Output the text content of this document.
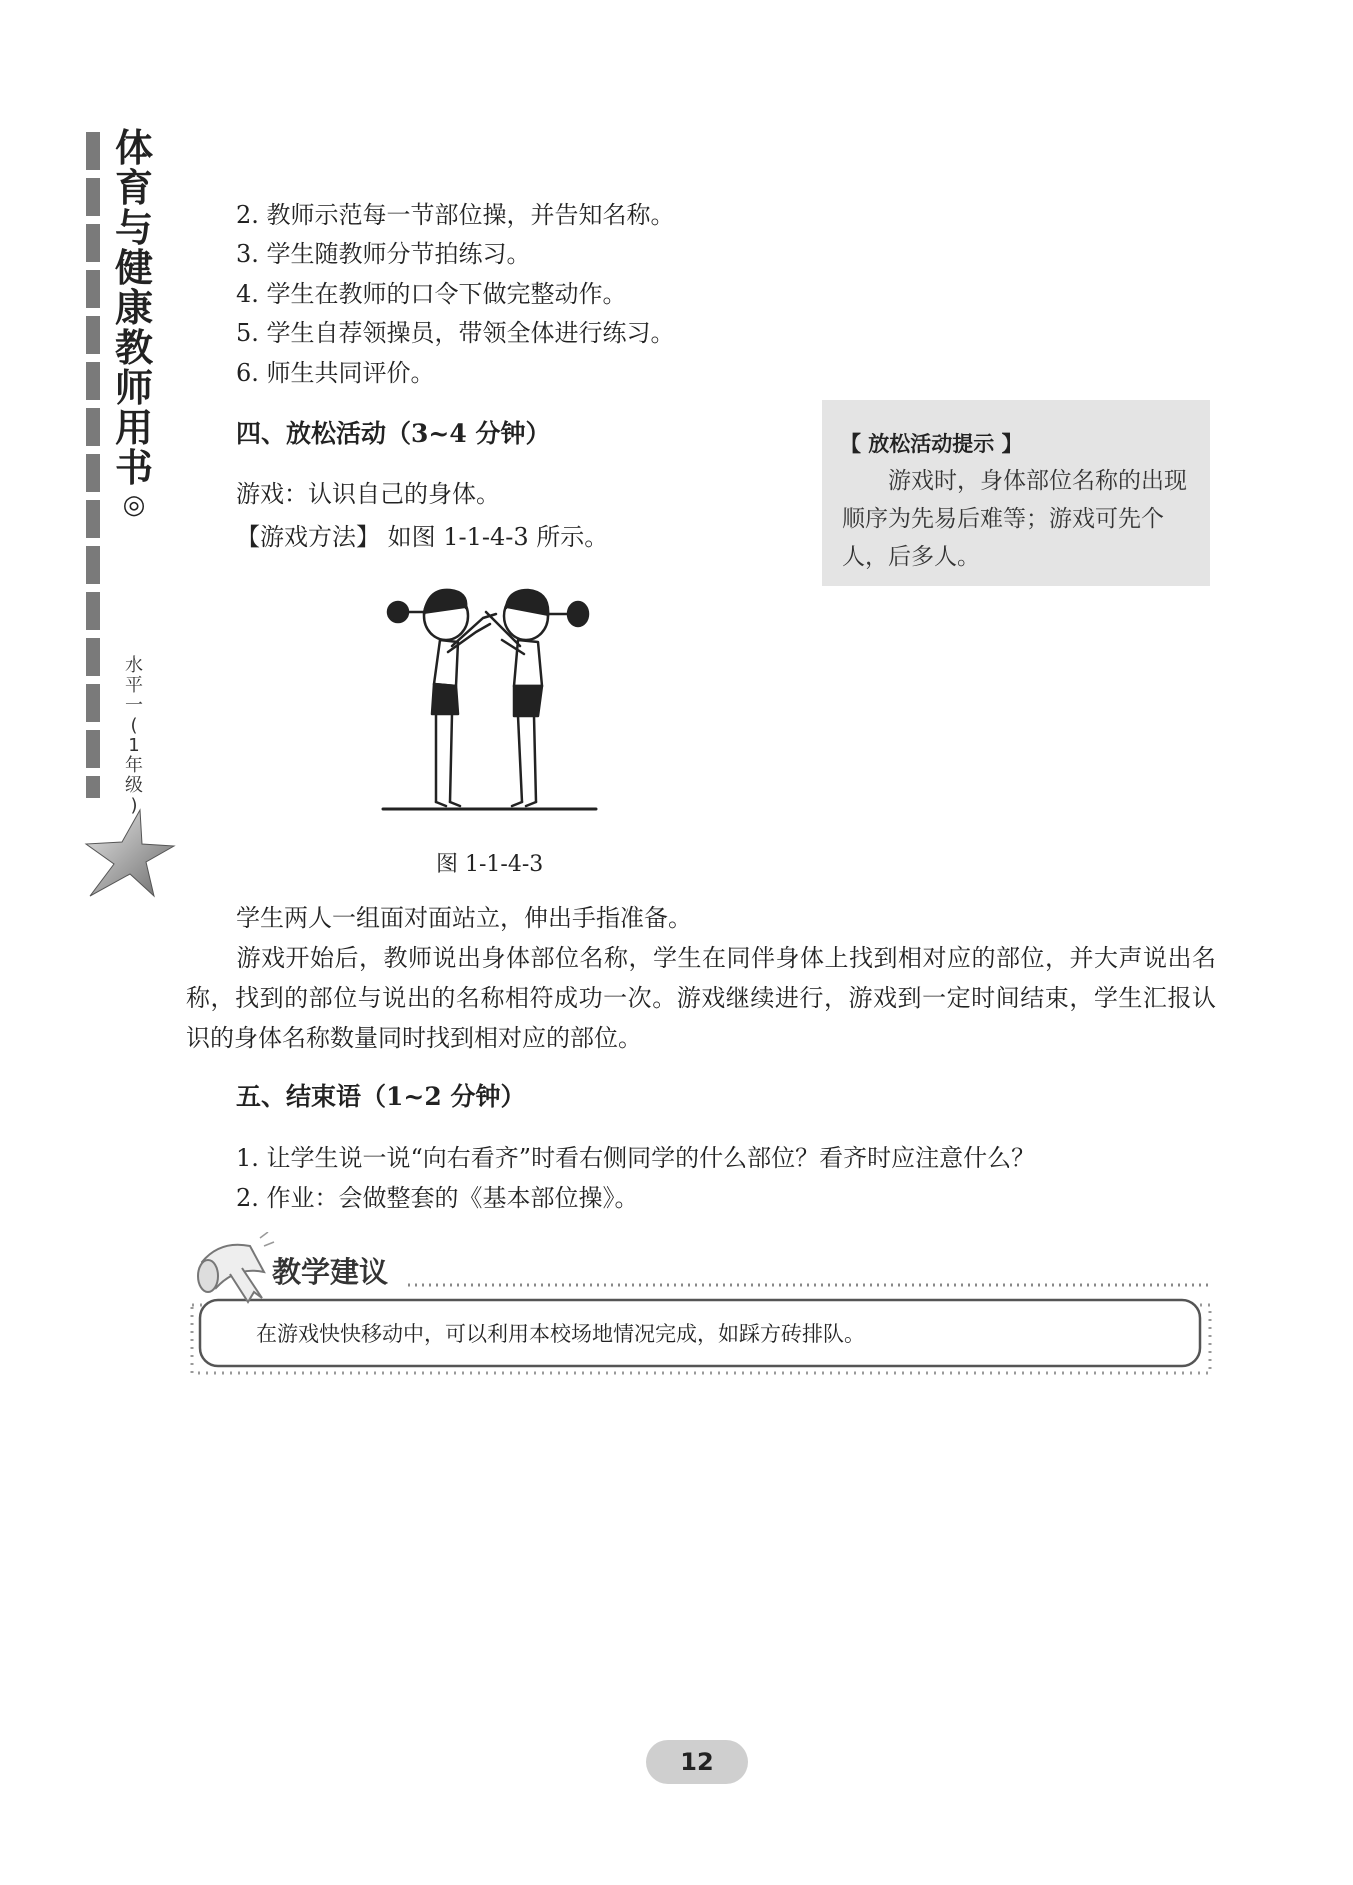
体
育
与
健
康
教
师
用
书
◎
水
平
一
(
1
年
级
)
2. 教师示范每一节部位操，并告知名称。
3. 学生随教师分节拍练习。
4. 学生在教师的口令下做完整动作。
5. 学生自荐领操员，带领全体进行练习。
6. 师生共同评价。
四、放松活动（3~4 分钟）
游戏：认识自己的身体。
【游戏方法】 如图 1-1-4-3 所示。
【 放松活动提示 】
游戏时，身体部位名称的出现顺序为先易后难等；游戏可先个人，后多人。
图 1-1-4-3
学生两人一组面对面站立，伸出手指准备。
游戏开始后，教师说出身体部位名称，学生在同伴身体上找到相对应的部位，并大声说出名称，找到的部位与说出的名称相符成功一次。游戏继续进行，游戏到一定时间结束，学生汇报认识的身体名称数量同时找到相对应的部位。
五、结束语（1~2 分钟）
1. 让学生说一说“向右看齐”时看右侧同学的什么部位？看齐时应注意什么？
2. 作业：会做整套的《基本部位操》。
教学建议
在游戏快快移动中，可以利用本校场地情况完成，如踩方砖排队。
12
